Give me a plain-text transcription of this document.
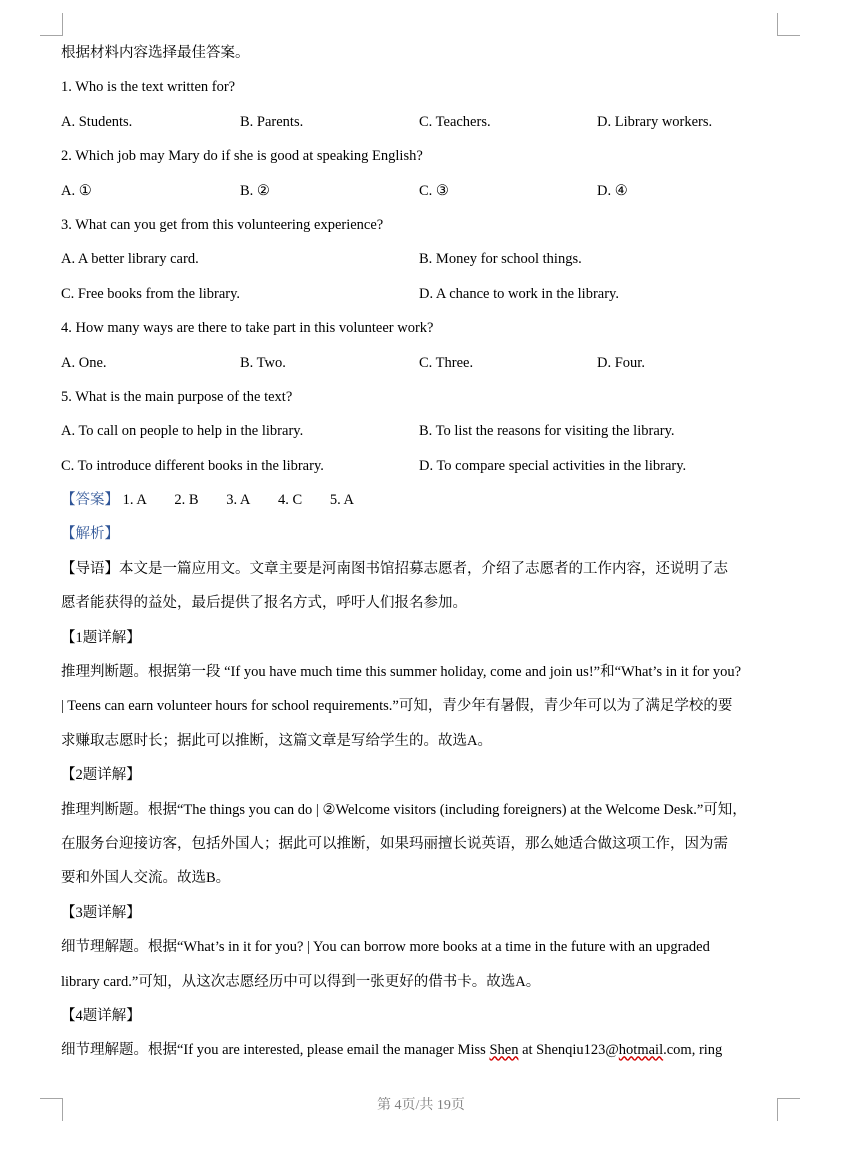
根据材料内容选择最佳答案。
1. Who is the text written for?
A. Students.	B. Parents.	C. Teachers.	D. Library workers.
2. Which job may Mary do if she is good at speaking English?
A. ①	B. ②	C. ③	D. ④
3. What can you get from this volunteering experience?
A. A better library card.	B. Money for school things.
C. Free books from the library.	D. A chance to work in the library.
4. How many ways are there to take part in this volunteer work?
A. One.	B. Two.	C. Three.	D. Four.
5. What is the main purpose of the text?
A. To call on people to help in the library.	B. To list the reasons for visiting the library.
C. To introduce different books in the library.	D. To compare special activities in the library.
【答案】 1. A 2. B 3. A 4. C 5. A
【解析】
【导语】本文是一篇应用文。文章主要是河南图书馆招募志愿者，介绍了志愿者的工作内容，还说明了志
愿者能获得的益处，最后提供了报名方式，呼吁人们报名参加。
【1题详解】
推理判断题。根据第一段 “If you have much time this summer holiday, come and join us!”和“What’s in it for you?
| Teens can earn volunteer hours for school requirements.”可知，青少年有暑假，青少年可以为了满足学校的要
求赚取志愿时长；据此可以推断，这篇文章是写给学生的。故选A。
【2题详解】
推理判断题。根据“The things you can do | ②Welcome visitors (including foreigners) at the Welcome Desk.”可知，
在服务台迎接访客，包括外国人；据此可以推断，如果玛丽擅长说英语，那么她适合做这项工作，因为需
要和外国人交流。故选B。
【3题详解】
细节理解题。根据“What’s in it for you? | You can borrow more books at a time in the future with an upgraded
library card.”可知，从这次志愿经历中可以得到一张更好的借书卡。故选A。
【4题详解】
细节理解题。根据“If you are interested, please email the manager Miss Shen at Shenqiu123@hotmail.com, ring
第 4页/共 19页
